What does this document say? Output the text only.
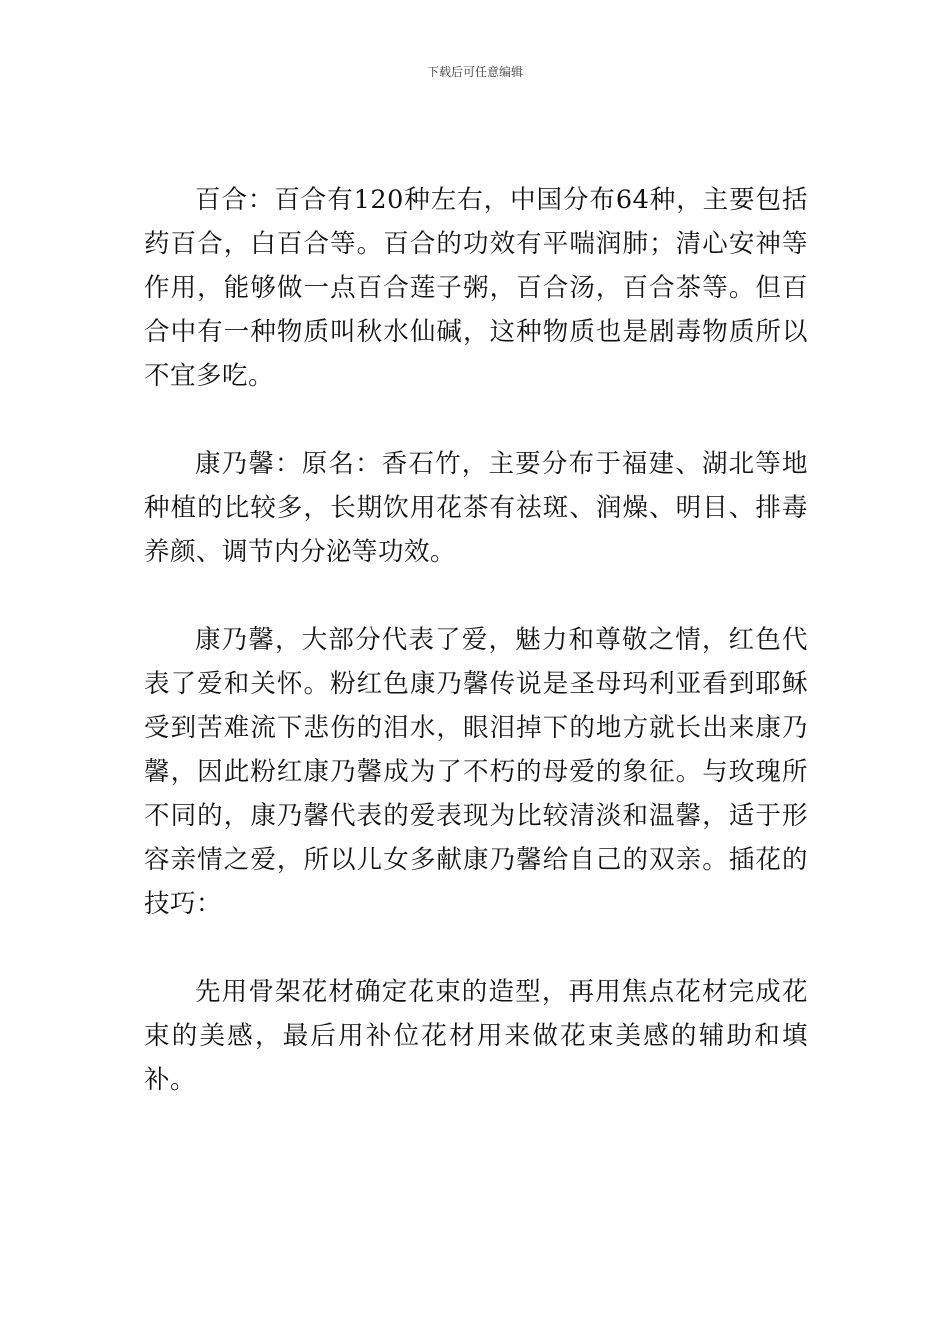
下载后可任意编辑

百合：百合有120种左右，中国分布64种，主要包括药百合，白百合等。百合的功效有平喘润肺；清心安神等作用，能够做一点百合莲子粥，百合汤，百合茶等。但百合中有一种物质叫秋水仙碱，这种物质也是剧毒物质所以不宜多吃。

康乃馨：原名：香石竹，主要分布于福建、湖北等地种植的比较多，长期饮用花茶有祛斑、润燥、明目、排毒养颜、调节内分泌等功效。

康乃馨，大部分代表了爱，魅力和尊敬之情，红色代表了爱和关怀。粉红色康乃馨传说是圣母玛利亚看到耶稣受到苦难流下悲伤的泪水，眼泪掉下的地方就长出来康乃馨，因此粉红康乃馨成为了不朽的母爱的象征。与玫瑰所不同的，康乃馨代表的爱表现为比较清淡和温馨，适于形容亲情之爱，所以儿女多献康乃馨给自己的双亲。插花的技巧：

先用骨架花材确定花束的造型，再用焦点花材完成花束的美感，最后用补位花材用来做花束美感的辅助和填补。
